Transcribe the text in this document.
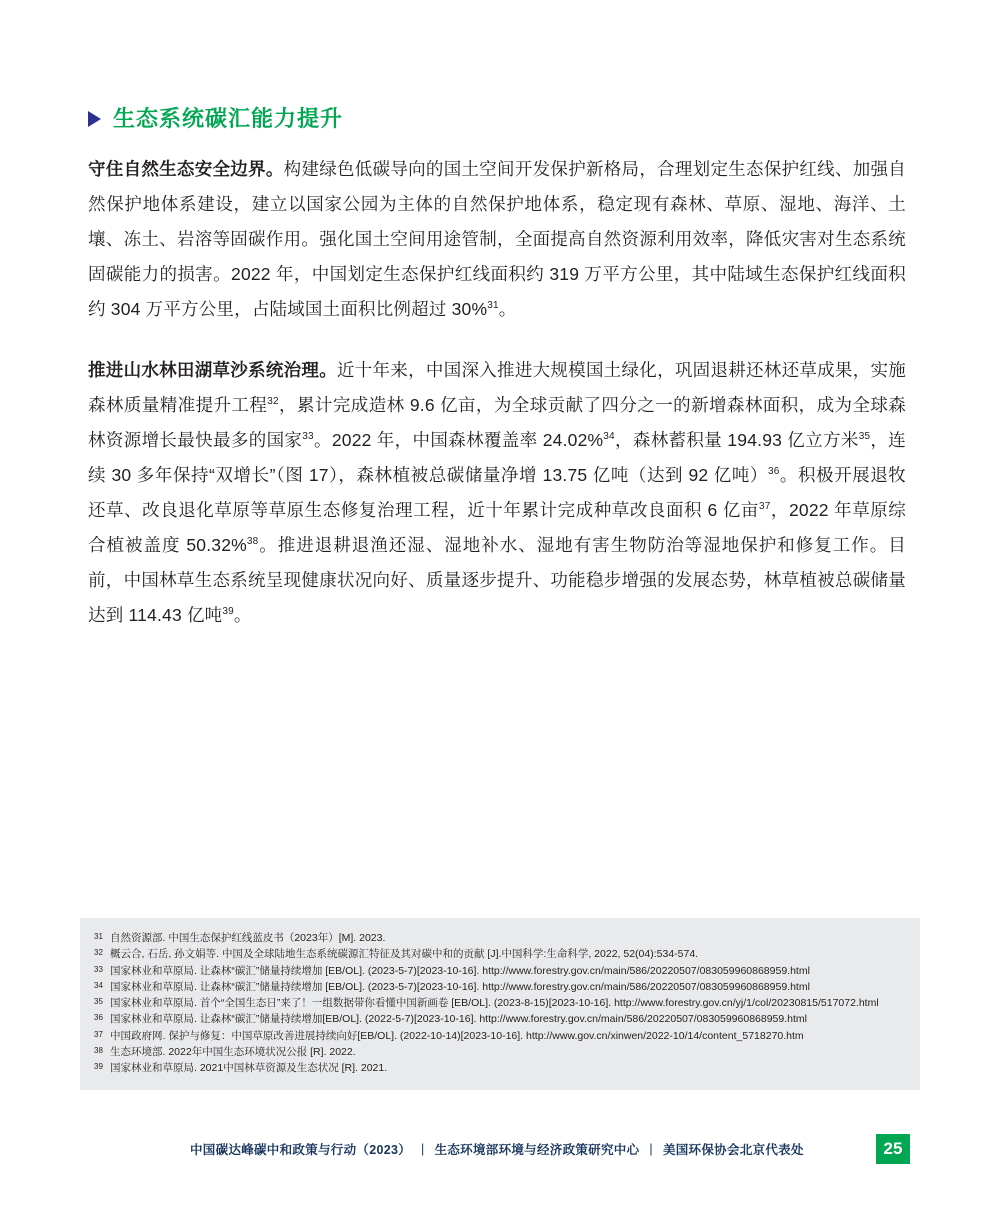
生态系统碳汇能力提升

守住自然生态安全边界。构建绿色低碳导向的国土空间开发保护新格局，合理划定生态保护红线、加强自然保护地体系建设，建立以国家公园为主体的自然保护地体系，稳定现有森林、草原、湿地、海洋、土壤、冻土、岩溶等固碳作用。强化国土空间用途管制，全面提高自然资源利用效率，降低灾害对生态系统固碳能力的损害。2022 年，中国划定生态保护红线面积约 319 万平方公里，其中陆域生态保护红线面积约 304 万平方公里，占陆域国土面积比例超过 30%$^{31}$。

推进山水林田湖草沙系统治理。近十年来，中国深入推进大规模国土绿化，巩固退耕还林还草成果，实施森林质量精准提升工程$^{32}$，累计完成造林 9.6 亿亩，为全球贡献了四分之一的新增森林面积，成为全球森林资源增长最快最多的国家$^{33}$。2022 年，中国森林覆盖率 24.02%$^{34}$，森林蓄积量 194.93 亿立方米$^{35}$，连续 30 多年保持“双增长”（图 17），森林植被总碳储量净增 13.75 亿吨（达到 92 亿吨）$^{36}$。积极开展退牧还草、改良退化草原等草原生态修复治理工程，近十年累计完成种草改良面积 6 亿亩$^{37}$，2022 年草原综合植被盖度 50.32%$^{38}$。推进退耕退渔还湿、湿地补水、湿地有害生物防治等湿地保护和修复工作。目前，中国林草生态系统呈现健康状况向好、质量逐步提升、功能稳步增强的发展态势，林草植被总碳储量达到 114.43 亿吨$^{39}$。

31 自然资源部. 中国生态保护红线蓝皮书（2023年）[M]. 2023.
32 概云合, 石岳, 孙文娟等. 中国及全球陆地生态系统碳源汇特征及其对碳中和的贡献 [J].中国科学:生命科学, 2022, 52(04):534-574.
33 国家林业和草原局. 让森林“碳汇”储量持续增加 [EB/OL]. (2023-5-7)[2023-10-16]. http://www.forestry.gov.cn/main/586/20220507/083059960868959.html
34 国家林业和草原局. 让森林“碳汇”储量持续增加 [EB/OL]. (2023-5-7)[2023-10-16]. http://www.forestry.gov.cn/main/586/20220507/083059960868959.html
35 国家林业和草原局. 首个“全国生态日”来了！一组数据带你看懂中国新画卷 [EB/OL]. (2023-8-15)[2023-10-16]. http://www.forestry.gov.cn/yj/1/col/20230815/517072.html
36 国家林业和草原局. 让森林“碳汇”储量持续增加[EB/OL]. (2022-5-7)[2023-10-16]. http://www.forestry.gov.cn/main/586/20220507/083059960868959.html
37 中国政府网. 保护与修复：中国草原改善进展持续向好[EB/OL]. (2022-10-14)[2023-10-16]. http://www.gov.cn/xinwen/2022-10/14/content_5718270.htm
38 生态环境部. 2022年中国生态环境状况公报 [R]. 2022.
39 国家林业和草原局. 2021中国林草资源及生态状况 [R]. 2021.
中国碳达峰碳中和政策与行动（2023） | 生态环境部环境与经济政策研究中心 | 美国环保协会北京代表处	25
